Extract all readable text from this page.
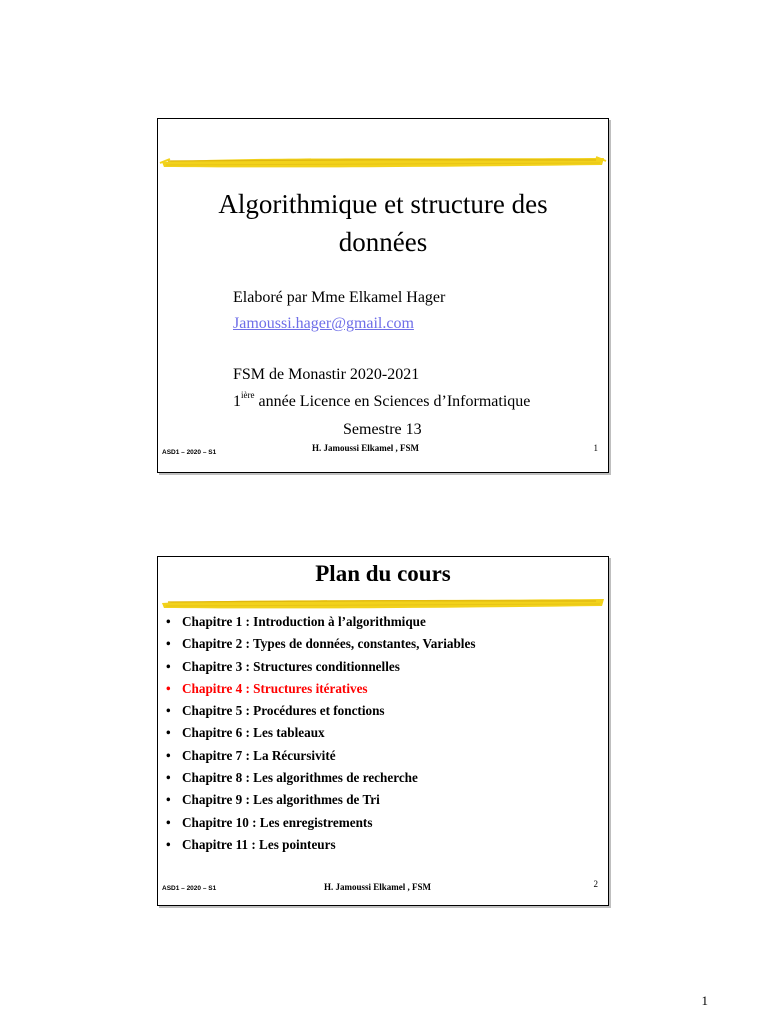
Algorithmique et structure des
données
Elaboré par Mme Elkamel Hager
Jamoussi.hager@gmail.com
FSM de Monastir 2020-2021
$1^{ière}$ année Licence en Sciences d’Informatique
Semestre 13
ASD1 – 2020 – S1	H. Jamoussi Elkamel , FSM	1
Plan du cours
• Chapitre 1 : Introduction à l’algorithmique
• Chapitre 2 : Types de données, constantes, Variables
• Chapitre 3 : Structures conditionnelles
• Chapitre 4 : Structures itératives
• Chapitre 5 : Procédures et fonctions
• Chapitre 6 : Les tableaux
• Chapitre 7 : La Récursivité
• Chapitre 8 : Les algorithmes de recherche
• Chapitre 9 : Les algorithmes de Tri
• Chapitre 10 : Les enregistrements
• Chapitre 11 : Les pointeurs
ASD1 – 2020 – S1	H. Jamoussi Elkamel , FSM	2
1
